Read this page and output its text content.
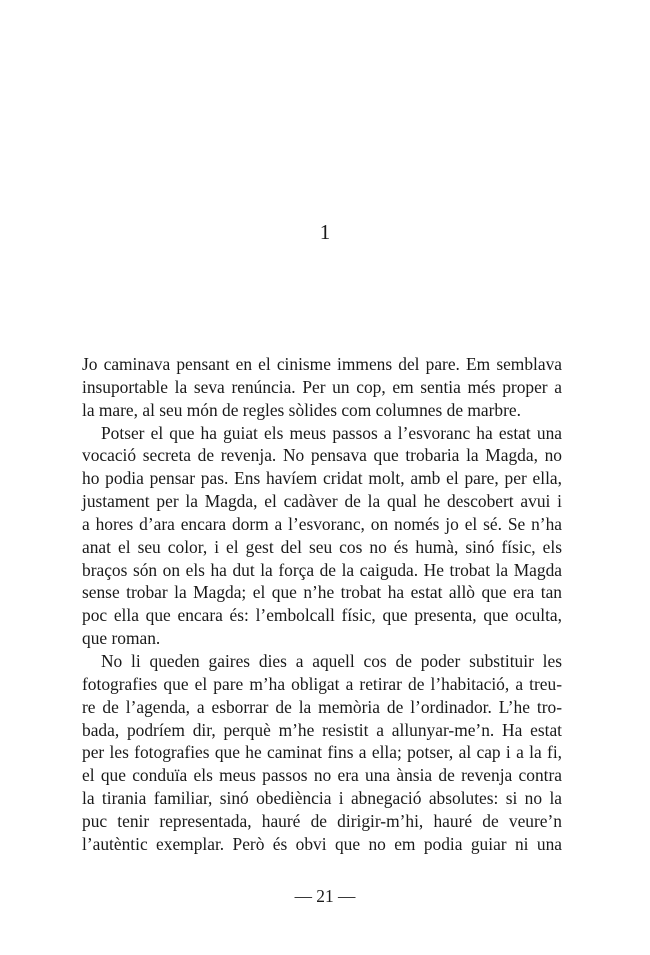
1
Jo caminava pensant en el cinisme immens del pare. Em semblava
insuportable la seva renúncia. Per un cop, em sentia més proper a
la mare, al seu món de regles sòlides com columnes de marbre.
Potser el que ha guiat els meus passos a l’esvoranc ha estat una
vocació secreta de revenja. No pensava que trobaria la Magda, no
ho podia pensar pas. Ens havíem cridat molt, amb el pare, per ella,
justament per la Magda, el cadàver de la qual he descobert avui i
a hores d’ara encara dorm a l’esvoranc, on només jo el sé. Se n’ha
anat el seu color, i el gest del seu cos no és humà, sinó físic, els
braços són on els ha dut la força de la caiguda. He trobat la Magda
sense trobar la Magda; el que n’he trobat ha estat allò que era tan
poc ella que encara és: l’embolcall físic, que presenta, que oculta,
que roman.
No li queden gaires dies a aquell cos de poder substituir les
fotografies que el pare m’ha obligat a retirar de l’habitació, a treu-
re de l’agenda, a esborrar de la memòria de l’ordinador. L’he tro-
bada, podríem dir, perquè m’he resistit a allunyar-me’n. Ha estat
per les fotografies que he caminat fins a ella; potser, al cap i a la fi,
el que conduïa els meus passos no era una ànsia de revenja contra
la tirania familiar, sinó obediència i abnegació absolutes: si no la
puc tenir representada, hauré de dirigir-m’hi, hauré de veure’n
l’autèntic exemplar. Però és obvi que no em podia guiar ni una
— 21 —
